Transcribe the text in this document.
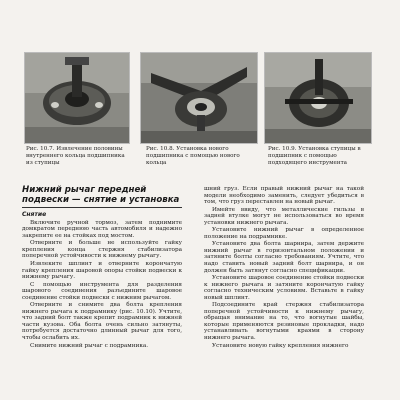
Рис. 10.7. Извлечение половины внутреннего кольца подшипника из ступицы
Рис. 10.8. Установка нового подшипника с помощью нового кольца
Рис. 10.9. Установка ступицы в подшипник с помощью подходящего инструмента
Нижний рычаг передней подвески — снятие и установка
Снятие

Включите ручной тормоз, затем поднимите домкратом переднюю часть автомобиля и надежно закрепите ее на стойках под мостом.

Отверните и больше не используйте гайку крепления конца стержня стабилизатора поперечной устойчивости к нижнему рычагу.

Извлеките шплинт и отверните корончатую гайку крепления шаровой опоры стойки подвески к нижнему рычагу.

С помощью инструмента для разделения шарового соединения разъедините шаровое соединение стойки подвески с нижним рычагом.

Отверните и снимите два болта крепления нижнего рычага к подрамнику (рис. 10.10). Учтите, что задний болт также крепит подрамник к нижней части кузова. Оба болта очень сильно затянуты, потребуется достаточно длинный рычаг для того, чтобы ослабить их.

Снимите нижний рычаг с подрамника.

шний груз. Если правый нижний рычаг на такой модели необходимо заменить, следует убедиться в том, что груз переставлен на новый рычаг.

Имейте ввиду, что металлические гильзы в задней втулке могут не использоваться во время установки нижнего рычага.

Установите нижний рычаг в определенное положение на подрамнике.

Установите два болта шарнира, затем держите нижний рычаг в горизонтальном положении и затяните болты согласно требованиям. Учтите, что надо ставить новый задний болт шарнира, и он должен быть затянут согласно спецификации.

Установите шаровое соединение стойки подвески к нижнего рычага и затяните корончатую гайку согласно техническим условиям. Вставьте в гайку новый шплинт.

Подсоедините край стержня стабилизатора поперечной устойчивости к нижнему рычагу, обращая внимание на то, что вогнутые шайбы, которые применяются резиновые прокладки, надо устанавливать вогнутыми краями в сторону нижнего рычага.

Установите новую гайку крепления нижнего
